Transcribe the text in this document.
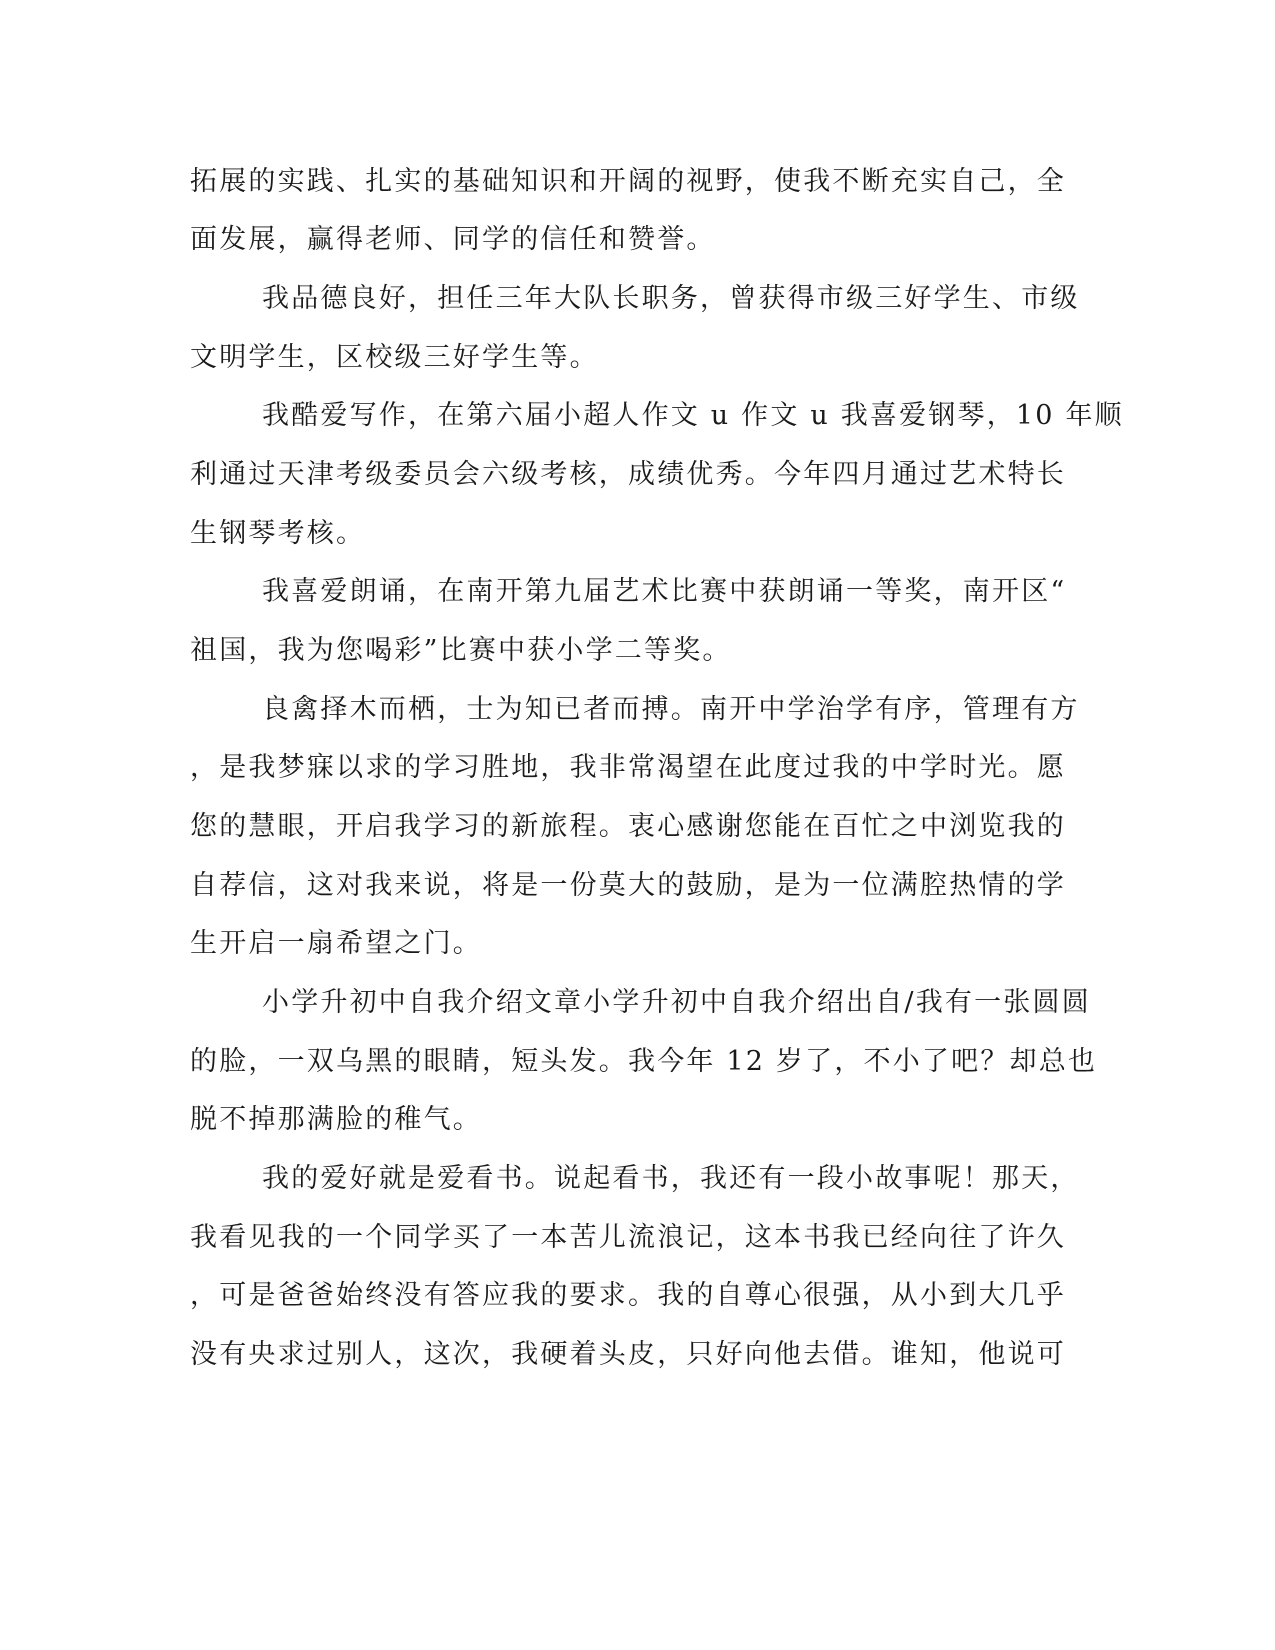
拓展的实践、扎实的基础知识和开阔的视野，使我不断充实自己，全

面发展，赢得老师、同学的信任和赞誉。

我品德良好，担任三年大队长职务，曾获得市级三好学生、市级

文明学生，区校级三好学生等。

我酷爱写作，在第六届小超人作文 u 作文 u 我喜爱钢琴，10 年顺

利通过天津考级委员会六级考核，成绩优秀。今年四月通过艺术特长

生钢琴考核。

我喜爱朗诵，在南开第九届艺术比赛中获朗诵一等奖，南开区“

祖国，我为您喝彩”比赛中获小学二等奖。

良禽择木而栖，士为知已者而搏。南开中学治学有序，管理有方

，是我梦寐以求的学习胜地，我非常渴望在此度过我的中学时光。愿

您的慧眼，开启我学习的新旅程。衷心感谢您能在百忙之中浏览我的

自荐信，这对我来说，将是一份莫大的鼓励，是为一位满腔热情的学

生开启一扇希望之门。

小学升初中自我介绍文章小学升初中自我介绍出自/我有一张圆圆

的脸，一双乌黑的眼睛，短头发。我今年 12 岁了，不小了吧？却总也

脱不掉那满脸的稚气。

我的爱好就是爱看书。说起看书，我还有一段小故事呢！那天，

我看见我的一个同学买了一本苦儿流浪记，这本书我已经向往了许久

，可是爸爸始终没有答应我的要求。我的自尊心很强，从小到大几乎

没有央求过别人，这次，我硬着头皮，只好向他去借。谁知，他说可
